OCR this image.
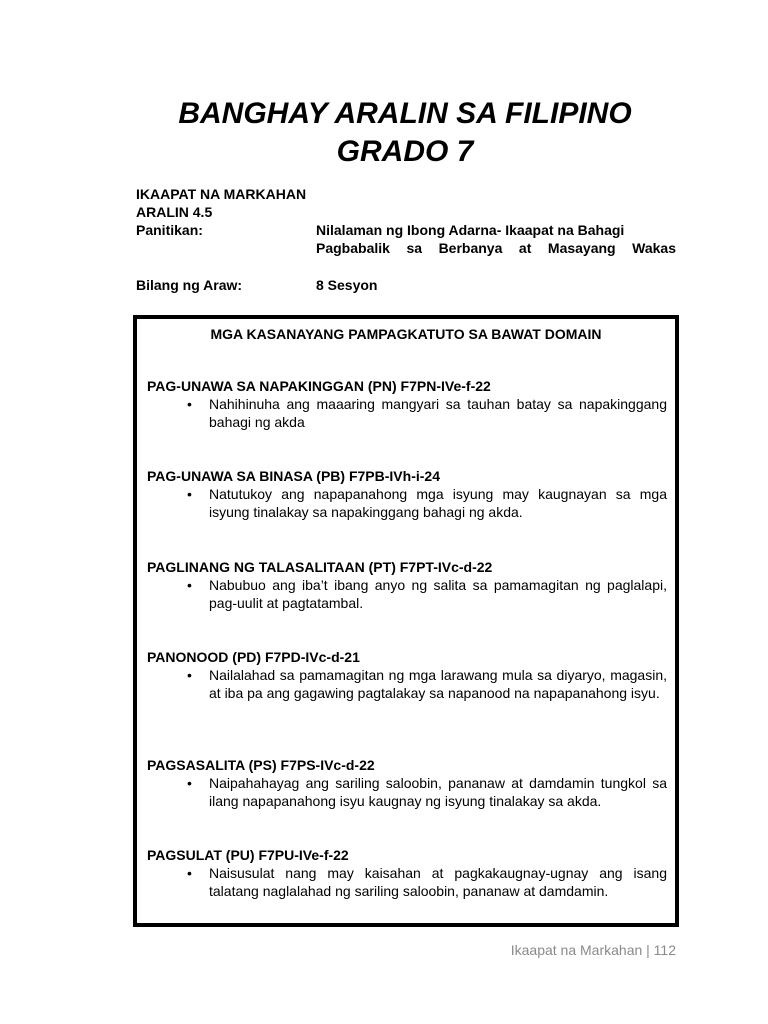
BANGHAY ARALIN SA FILIPINO
GRADO 7
IKAAPAT NA MARKAHAN
ARALIN 4.5
Panitikan:	Nilalaman ng Ibong Adarna- Ikaapat na Bahagi
Pagbabalik sa Berbanya at Masayang Wakas
Bilang ng Araw:	8 Sesyon
MGA KASANAYANG PAMPAGKATUTO SA BAWAT DOMAIN
PAG-UNAWA SA NAPAKINGGAN (PN) F7PN-IVe-f-22
• Nahihinuha ang maaaring mangyari sa tauhan batay sa napakinggang bahagi ng akda
PAG-UNAWA SA BINASA (PB) F7PB-IVh-i-24
• Natutukoy ang napapanahong mga isyung may kaugnayan sa mga isyung tinalakay sa napakinggang bahagi ng akda.
PAGLINANG NG TALASALITAAN (PT) F7PT-IVc-d-22
• Nabubuo ang iba’t ibang anyo ng salita sa pamamagitan ng paglalapi, pag-uulit at pagtatambal.
PANONOOD (PD) F7PD-IVc-d-21
• Nailalahad sa pamamagitan ng mga larawang mula sa diyaryo, magasin, at iba pa ang gagawing pagtalakay sa napanood na napapanahong isyu.
PAGSASALITA (PS) F7PS-IVc-d-22
• Naipahahayag ang sariling saloobin, pananaw at damdamin tungkol sa ilang napapanahong isyu kaugnay ng isyung tinalakay sa akda.
PAGSULAT (PU) F7PU-IVe-f-22
• Naisusulat nang may kaisahan at pagkakaugnay-ugnay ang isang talatang naglalahad ng sariling saloobin, pananaw at damdamin.
Ikaapat na Markahan | 112
